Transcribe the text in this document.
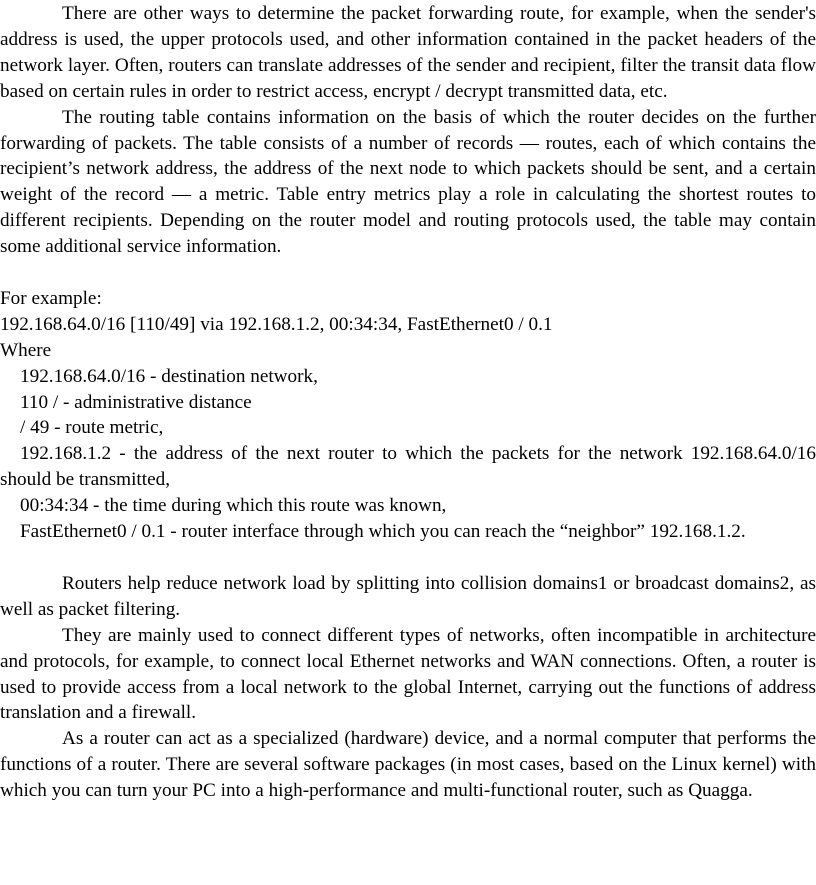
There are other ways to determine the packet forwarding route, for example, when the sender's address is used, the upper protocols used, and other information contained in the packet headers of the network layer. Often, routers can translate addresses of the sender and recipient, filter the transit data flow based on certain rules in order to restrict access, encrypt / decrypt transmitted data, etc.

The routing table contains information on the basis of which the router decides on the further forwarding of packets. The table consists of a number of records — routes, each of which contains the recipient’s network address, the address of the next node to which packets should be sent, and a certain weight of the record — a metric. Table entry metrics play a role in calculating the shortest routes to different recipients. Depending on the router model and routing protocols used, the table may contain some additional service information.

For example:

192.168.64.0/16 [110/49] via 192.168.1.2, 00:34:34, FastEthernet0 / 0.1

Where

192.168.64.0/16 - destination network,

110 / - administrative distance

/ 49 - route metric,

192.168.1.2 - the address of the next router to which the packets for the network 192.168.64.0/16 should be transmitted,

00:34:34 - the time during which this route was known,

FastEthernet0 / 0.1 - router interface through which you can reach the “neighbor” 192.168.1.2.

Routers help reduce network load by splitting into collision domains1 or broadcast domains2, as well as packet filtering.

They are mainly used to connect different types of networks, often incompatible in architecture and protocols, for example, to connect local Ethernet networks and WAN connections. Often, a router is used to provide access from a local network to the global Internet, carrying out the functions of address translation and a firewall.

As a router can act as a specialized (hardware) device, and a normal computer that performs the functions of a router. There are several software packages (in most cases, based on the Linux kernel) with which you can turn your PC into a high-performance and multi-functional router, such as Quagga.
